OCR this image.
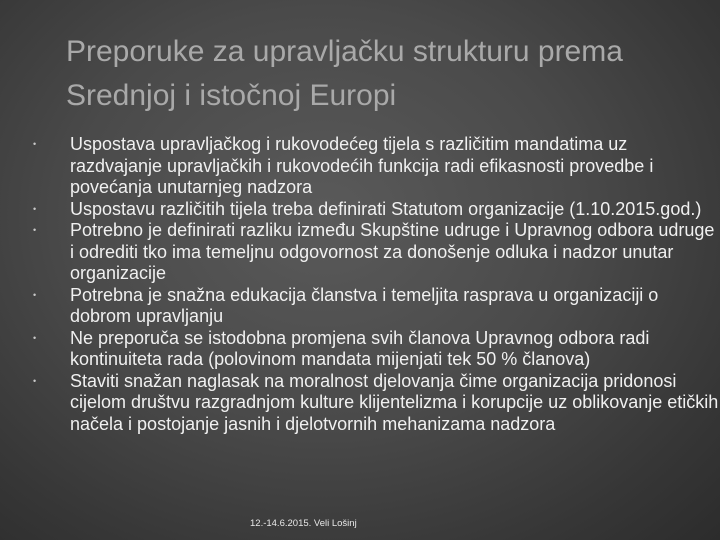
Preporuke za upravljačku strukturu prema
Srednjoj i istočnoj Europi
• Uspostava upravljačkog i rukovodećeg tijela s različitim mandatima uz razdvajanje upravljačkih i rukovodećih funkcija radi efikasnosti provedbe i povećanja unutarnjeg nadzora
• Uspostavu različitih tijela treba definirati Statutom organizacije (1.10.2015.god.)
• Potrebno je definirati razliku između Skupštine udruge i Upravnog odbora udruge i odrediti tko ima temeljnu odgovornost za donošenje odluka i nadzor unutar organizacije
• Potrebna je snažna edukacija članstva i temeljita rasprava u organizaciji o dobrom upravljanju
• Ne preporuča se istodobna promjena svih članova Upravnog odbora radi kontinuiteta rada (polovinom mandata mijenjati tek 50 % članova)
• Staviti snažan naglasak na moralnost djelovanja čime organizacija pridonosi cijelom društvu razgradnjom kulture klijentelizma i korupcije uz oblikovanje etičkih načela i postojanje jasnih i djelotvornih mehanizama nadzora
12.-14.6.2015. Veli Lošinj
